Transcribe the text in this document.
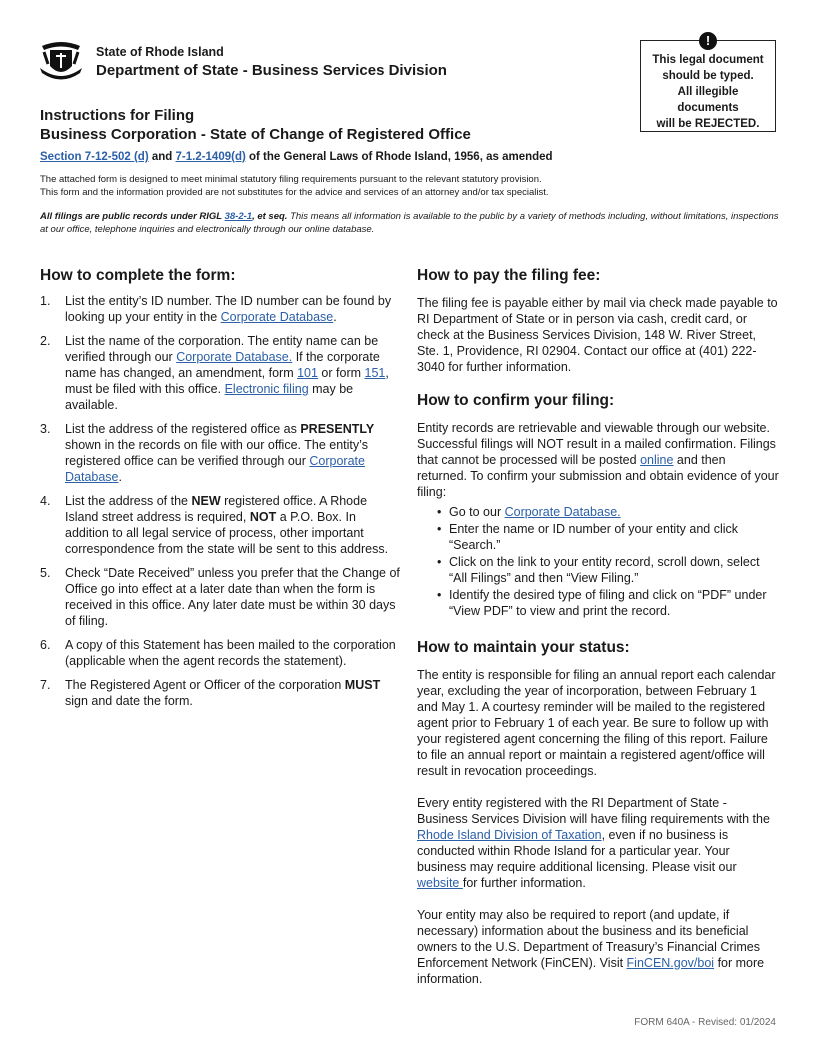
State of Rhode Island
Department of State - Business Services Division
!
This legal document
should be typed.
All illegible
documents
will be REJECTED.
Instructions for Filing
Business Corporation - State of Change of Registered Office
Section 7-12-502 (d) and 7-1.2-1409(d) of the General Laws of Rhode Island, 1956, as amended
The attached form is designed to meet minimal statutory filing requirements pursuant to the relevant statutory provision.
This form and the information provided are not substitutes for the advice and services of an attorney and/or tax specialist.
All filings are public records under RIGL 38-2-1, et seq. This means all information is available to the public by a variety of methods including, without limitations, inspections at our office, telephone inquiries and electronically through our online database.
How to complete the form:
1. List the entity’s ID number. The ID number can be found by looking up your entity in the Corporate Database.
2. List the name of the corporation. The entity name can be verified through our Corporate Database. If the corporate name has changed, an amendment, form 101 or form 151, must be filed with this office. Electronic filing may be available.
3. List the address of the registered office as PRESENTLY shown in the records on file with our office. The entity’s registered office can be verified through our Corporate Database.
4. List the address of the NEW registered office. A Rhode Island street address is required, NOT a P.O. Box. In addition to all legal service of process, other important correspondence from the state will be sent to this address.
5. Check “Date Received” unless you prefer that the Change of Office go into effect at a later date than when the form is received in this office. Any later date must be within 30 days of filing.
6. A copy of this Statement has been mailed to the corporation (applicable when the agent records the statement).
7. The Registered Agent or Officer of the corporation MUST sign and date the form.
How to pay the filing fee:

The filing fee is payable either by mail via check made payable to RI Department of State or in person via cash, credit card, or check at the Business Services Division, 148 W. River Street, Ste. 1, Providence, RI 02904. Contact our office at (401) 222-3040 for further information.

How to confirm your filing:

Entity records are retrievable and viewable through our website. Successful filings will NOT result in a mailed confirmation. Filings that cannot be processed will be posted online and then returned. To confirm your submission and obtain evidence of your filing:

• Go to our Corporate Database.
• Enter the name or ID number of your entity and click “Search.”
• Click on the link to your entity record, scroll down, select “All Filings” and then “View Filing.”
• Identify the desired type of filing and click on “PDF” under “View PDF” to view and print the record.
How to maintain your status:

The entity is responsible for filing an annual report each calendar year, excluding the year of incorporation, between February 1 and May 1. A courtesy reminder will be mailed to the registered agent prior to February 1 of each year. Be sure to follow up with your registered agent concerning the filing of this report. Failure to file an annual report or maintain a registered agent/office will result in revocation proceedings.

Every entity registered with the RI Department of State - Business Services Division will have filing requirements with the Rhode Island Division of Taxation, even if no business is conducted within Rhode Island for a particular year. Your business may require additional licensing. Please visit our website for further information.

Your entity may also be required to report (and update, if necessary) information about the business and its beneficial owners to the U.S. Department of Treasury’s Financial Crimes Enforcement Network (FinCEN). Visit FinCEN.gov/boi for more information.

FORM 640A - Revised: 01/2024
